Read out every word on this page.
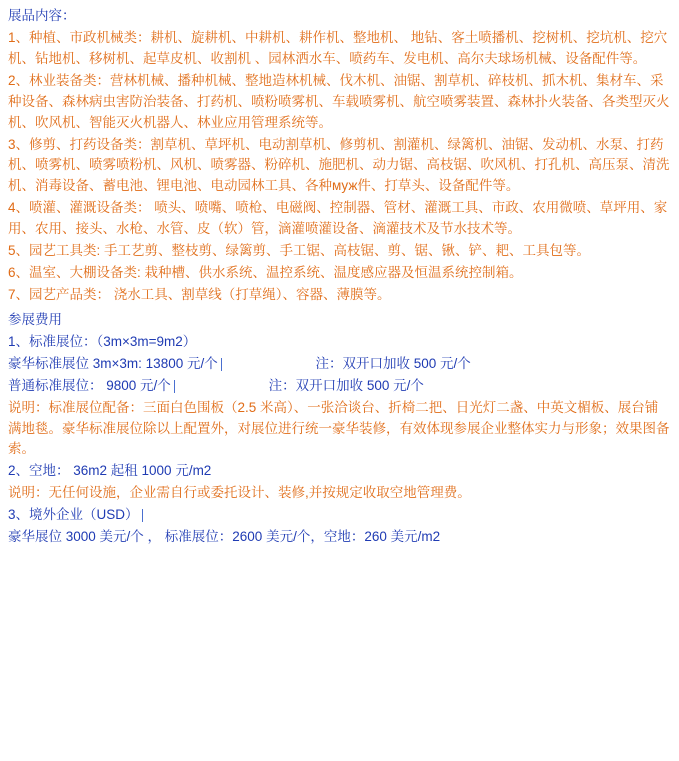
展品内容：
1、种植、市政机械类：耕机、旋耕机、中耕机、耕作机、整地机、 地钻、客土喷播机、挖树机、挖坑机、挖穴机、钻地机、移树机、起草皮机、收割机 、园林洒水车、喷药车、发电机、高尔夫球场机械、设备配件等。
2、林业装备类：营林机械、播种机械、整地造林机械、伐木机、油锯、割草机、碎枝机、抓木机、集材车、采种设备、森林病虫害防治装备、打药机、喷粉喷雾机、车载喷雾机、航空喷雾装置、森林扑火装备、各类型灭火机、吹风机、智能灭火机器人、林业应用管理系统等。
3、修剪、打药设备类：割草机、草坪机、电动割草机、修剪机、割灌机、绿篱机、油锯、发动机、水泵、打药机、喷雾机、喷雾喷粉机、风机、喷雾器、粉碎机、施肥机、动力锯、高枝锯、吹风机、打孔机、高压泵、清洗机、消毒设备、蓄电池、锂电池、电动园林工具、各种муж件、打草头、设备配件等。
4、喷灌、灌溉设备类： 喷头、喷嘴、喷枪、电磁阀、控制器、管材、灌溉工具、市政、农用微喷、草坪用、家用、农用、接头、水枪、水管、皮（软）管，滴灌喷灌设备、滴灌技术及节水技术等。
5、园艺工具类: 手工艺剪、整枝剪、绿篱剪、手工锯、高枝锯、剪、锯、锹、铲、耙、工具包等。
6、温室、大棚设备类: 栽种槽、供水系统、温控系统、温度感应器及恒温系统控制箱。
7、园艺产品类： 浇水工具、割草线（打草绳）、容器、薄膜等。
参展费用
1、标准展位：（3m×3m=9m2）
豪华标准展位 3m×3m: 13800 元/个	注：双开口加收 500 元/个
普通标准展位： 9800 元/个	注：双开口加收 500 元/个
说明：标准展位配备：三面白色围板（2.5 米高）、一张洽谈台、折椅二把、日光灯二盏、中英文楣板、展台铺满地毯。豪华标准展位除以上配置外，对展位进行统一豪华装修，有效体现参展企业整体实力与形象；效果图备索。
2、空地： 36m2 起租 1000 元/m2
说明：无任何设施，企业需自行或委托设计、装修,并按规定收取空地管理费。
3、境外企业（USD）
豪华展位 3000 美元/个 ， 标准展位：2600 美元/个，空地：260 美元/m2
